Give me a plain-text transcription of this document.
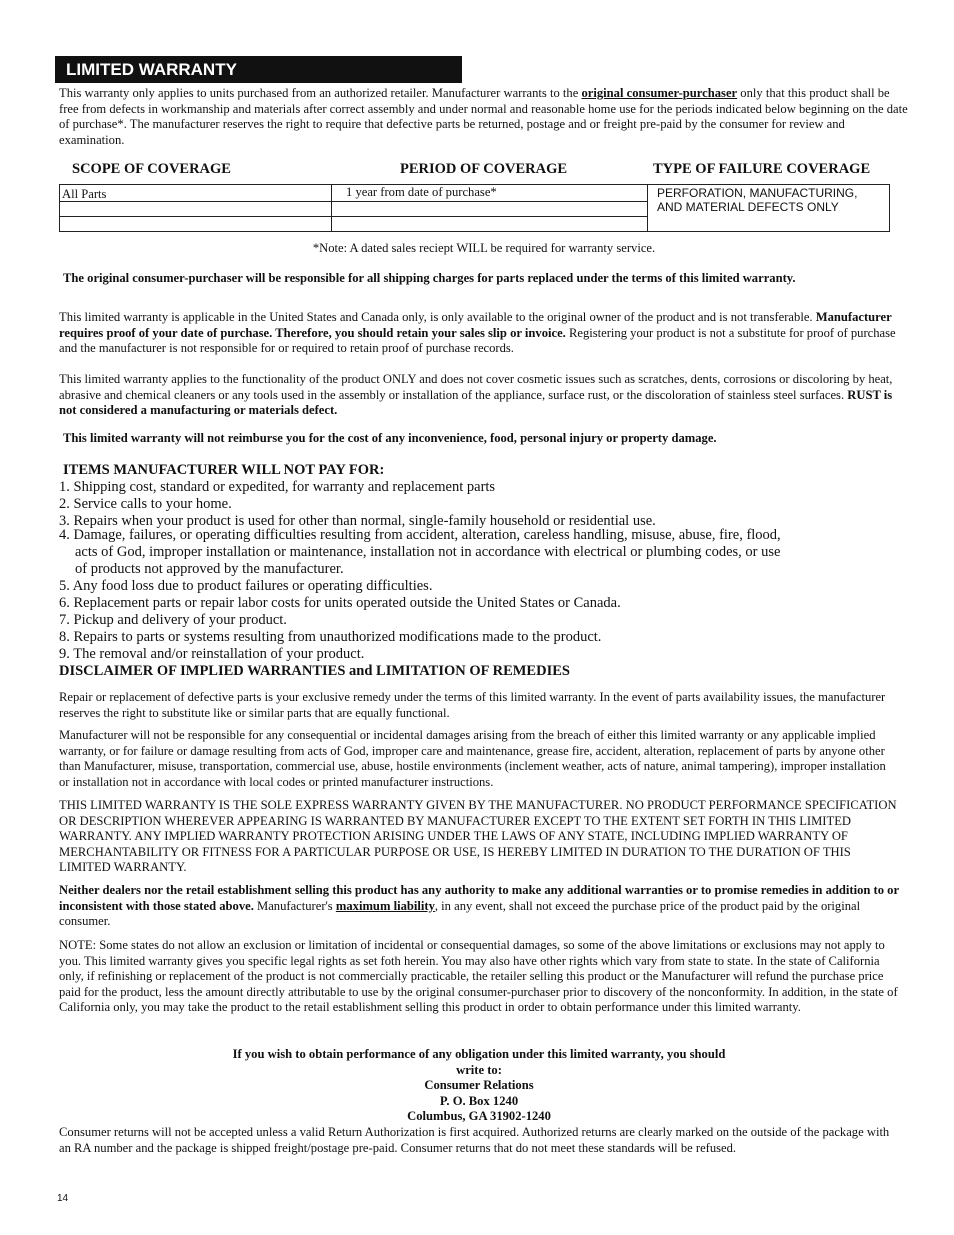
LIMITED WARRANTY
This warranty only applies to units purchased from an authorized retailer. Manufacturer warrants to the original consumer-purchaser only that this product shall be free from defects in workmanship and materials after correct assembly and under normal and reasonable home use for the periods indicated below beginning on the date of purchase*. The manufacturer reserves the right to require that defective parts be returned, postage and or freight pre-paid by the consumer for review and examination.
SCOPE OF COVERAGE	PERIOD OF COVERAGE	TYPE OF FAILURE COVERAGE
All Parts	1 year from date of purchase*	PERFORATION, MANUFACTURING,
AND MATERIAL DEFECTS ONLY

*Note: A dated sales reciept WILL be required for warranty service.
The original consumer-purchaser will be responsible for all shipping charges for parts replaced under the terms of this limited warranty.
This limited warranty is applicable in the United States and Canada only, is only available to the original owner of the product and is not transferable. Manufacturer requires proof of your date of purchase. Therefore, you should retain your sales slip or invoice. Registering your product is not a substitute for proof of purchase and the manufacturer is not responsible for or required to retain proof of purchase records.
This limited warranty applies to the functionality of the product ONLY and does not cover cosmetic issues such as scratches, dents, corrosions or discoloring by heat, abrasive and chemical cleaners or any tools used in the assembly or installation of the appliance, surface rust, or the discoloration of stainless steel surfaces. RUST is not considered a manufacturing or materials defect.
This limited warranty will not reimburse you for the cost of any inconvenience, food, personal injury or property damage.
ITEMS MANUFACTURER WILL NOT PAY FOR:
1. Shipping cost, standard or expedited, for warranty and replacement parts
2. Service calls to your home.
3. Repairs when your product is used for other than normal, single-family household or residential use.
4. Damage, failures, or operating difficulties resulting from accident, alteration, careless handling, misuse, abuse, fire, flood,
acts of God, improper installation or maintenance, installation not in accordance with electrical or plumbing codes, or use
of products not approved by the manufacturer.
5. Any food loss due to product failures or operating difficulties.
6. Replacement parts or repair labor costs for units operated outside the United States or Canada.
7. Pickup and delivery of your product.
8. Repairs to parts or systems resulting from unauthorized modifications made to the product.
9. The removal and/or reinstallation of your product.
DISCLAIMER OF IMPLIED WARRANTIES and LIMITATION OF REMEDIES
Repair or replacement of defective parts is your exclusive remedy under the terms of this limited warranty. In the event of parts availability issues, the manufacturer reserves the right to substitute like or similar parts that are equally functional.
Manufacturer will not be responsible for any consequential or incidental damages arising from the breach of either this limited warranty or any applicable implied warranty, or for failure or damage resulting from acts of God, improper care and maintenance, grease fire, accident, alteration, replacement of parts by anyone other than Manufacturer, misuse, transportation, commercial use, abuse, hostile environments (inclement weather, acts of nature, animal tampering), improper installation or installation not in accordance with local codes or printed manufacturer instructions.
THIS LIMITED WARRANTY IS THE SOLE EXPRESS WARRANTY GIVEN BY THE MANUFACTURER. NO PRODUCT PERFORMANCE SPECIFICATION OR DESCRIPTION WHEREVER APPEARING IS WARRANTED BY MANUFACTURER EXCEPT TO THE EXTENT SET FORTH IN THIS LIMITED WARRANTY. ANY IMPLIED WARRANTY PROTECTION ARISING UNDER THE LAWS OF ANY STATE, INCLUDING IMPLIED WARRANTY OF MERCHANTABILITY OR FITNESS FOR A PARTICULAR PURPOSE OR USE, IS HEREBY LIMITED IN DURATION TO THE DURATION OF THIS LIMITED WARRANTY.
Neither dealers nor the retail establishment selling this product has any authority to make any additional warranties or to promise remedies in addition to or inconsistent with those stated above. Manufacturer's maximum liability, in any event, shall not exceed the purchase price of the product paid by the original consumer.
NOTE: Some states do not allow an exclusion or limitation of incidental or consequential damages, so some of the above limitations or exclusions may not apply to you. This limited warranty gives you specific legal rights as set foth herein. You may also have other rights which vary from state to state. In the state of California only, if refinishing or replacement of the product is not commercially practicable, the retailer selling this product or the Manufacturer will refund the purchase price paid for the product, less the amount directly attributable to use by the original consumer-purchaser prior to discovery of the nonconformity. In addition, in the state of California only, you may take the product to the retail establishment selling this product in order to obtain performance under this limited warranty.
If you wish to obtain performance of any obligation under this limited warranty, you should
write to:
Consumer Relations
P. O. Box 1240
Columbus, GA 31902-1240
Consumer returns will not be accepted unless a valid Return Authorization is first acquired. Authorized returns are clearly marked on the outside of the package with an RA number and the package is shipped freight/postage pre-paid. Consumer returns that do not meet these standards will be refused.
14
